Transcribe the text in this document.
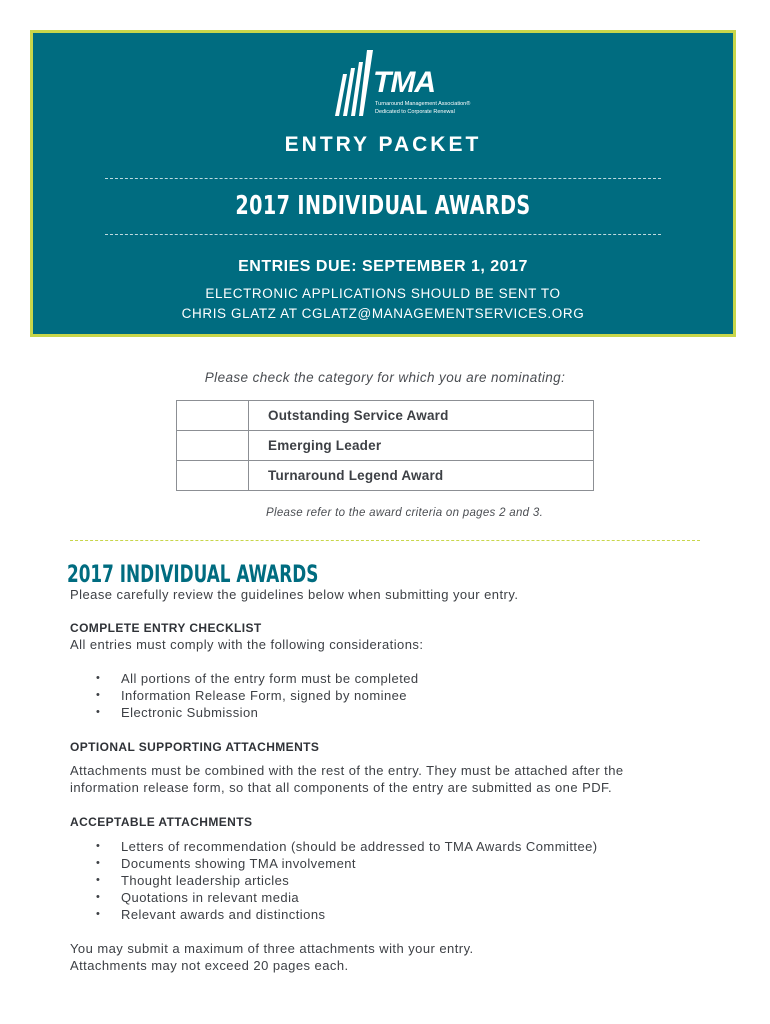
TMA
Turnaround Management Association®
Dedicated to Corporate Renewal
ENTRY PACKET
2017 INDIVIDUAL AWARDS
ENTRIES DUE: SEPTEMBER 1, 2017
ELECTRONIC APPLICATIONS SHOULD BE SENT TO
CHRIS GLATZ AT CGLATZ@MANAGEMENTSERVICES.ORG
Please check the category for which you are nominating:
	Outstanding Service Award
	Emerging Leader
	Turnaround Legend Award
Please refer to the award criteria on pages 2 and 3.
2017 INDIVIDUAL AWARDS
Please carefully review the guidelines below when submitting your entry.
COMPLETE ENTRY CHECKLIST
All entries must comply with the following considerations:
• All portions of the entry form must be completed
• Information Release Form, signed by nominee
• Electronic Submission
OPTIONAL SUPPORTING ATTACHMENTS
Attachments must be combined with the rest of the entry. They must be attached after the
information release form, so that all components of the entry are submitted as one PDF.
ACCEPTABLE ATTACHMENTS
• Letters of recommendation (should be addressed to TMA Awards Committee)
• Documents showing TMA involvement
• Thought leadership articles
• Quotations in relevant media
• Relevant awards and distinctions
You may submit a maximum of three attachments with your entry.
Attachments may not exceed 20 pages each.
